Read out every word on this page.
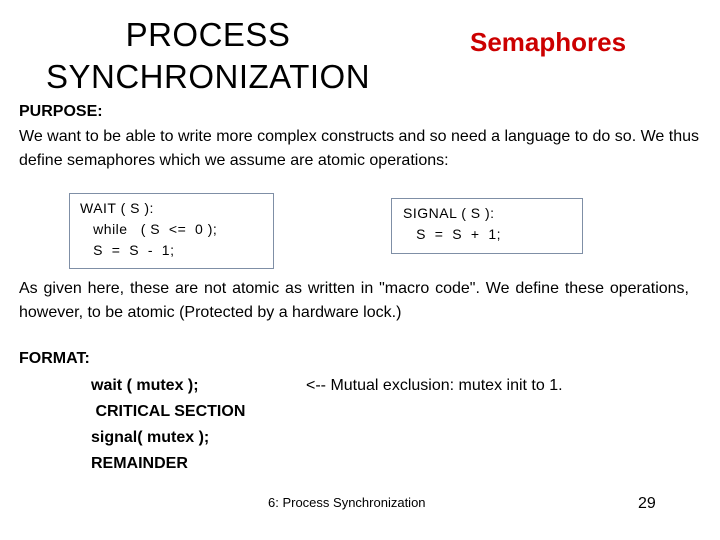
PROCESS
SYNCHRONIZATION
Semaphores
PURPOSE:
We want to be able to write more complex constructs and so need a language to do so. We thus define semaphores which we assume are atomic operations:
WAIT ( S ):
while   ( S  <=  0 );
S  =  S  -  1;
SIGNAL ( S ):
S  =  S  +  1;
As given here, these are not atomic as written in "macro code". We define these operations, however, to be atomic (Protected by a hardware lock.)
FORMAT:
wait ( mutex );
CRITICAL SECTION
signal( mutex );
REMAINDER
<-- Mutual exclusion: mutex init to 1.
6: Process Synchronization	29
